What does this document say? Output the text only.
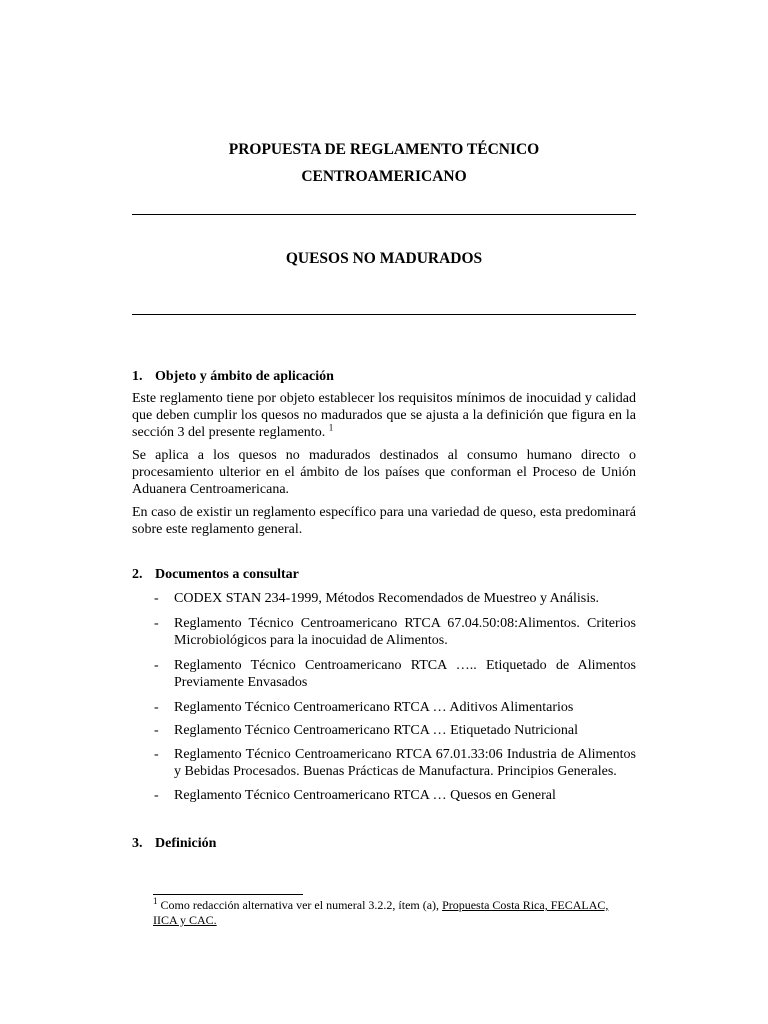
PROPUESTA DE REGLAMENTO TÉCNICO
CENTROAMERICANO
QUESOS NO MADURADOS

1. Objeto y ámbito de aplicación

Este reglamento tiene por objeto establecer los requisitos mínimos de inocuidad y calidad que deben cumplir los quesos no madurados que se ajusta a la definición que figura en la sección 3 del presente reglamento. $^1$

Se aplica a los quesos no madurados destinados al consumo humano directo o procesamiento ulterior en el ámbito de los países que conforman el Proceso de Unión Aduanera Centroamericana.

En caso de existir un reglamento específico para una variedad de queso, esta predominará sobre este reglamento general.

2. Documentos a consultar

- CODEX STAN 234-1999, Métodos Recomendados de Muestreo y Análisis.
- Reglamento Técnico Centroamericano RTCA 67.04.50:08:Alimentos. Criterios Microbiológicos para la inocuidad de Alimentos.
- Reglamento Técnico Centroamericano RTCA ….. Etiquetado de Alimentos Previamente Envasados
- Reglamento Técnico Centroamericano RTCA … Aditivos Alimentarios
- Reglamento Técnico Centroamericano RTCA … Etiquetado Nutricional
- Reglamento Técnico Centroamericano RTCA 67.01.33:06 Industria de Alimentos y Bebidas Procesados. Buenas Prácticas de Manufactura. Principios Generales.
- Reglamento Técnico Centroamericano RTCA … Quesos en General

3. Definición

$^1$ Como redacción alternativa ver el numeral 3.2.2, ítem (a), Propuesta Costa Rica, FECALAC, IICA y CAC.
